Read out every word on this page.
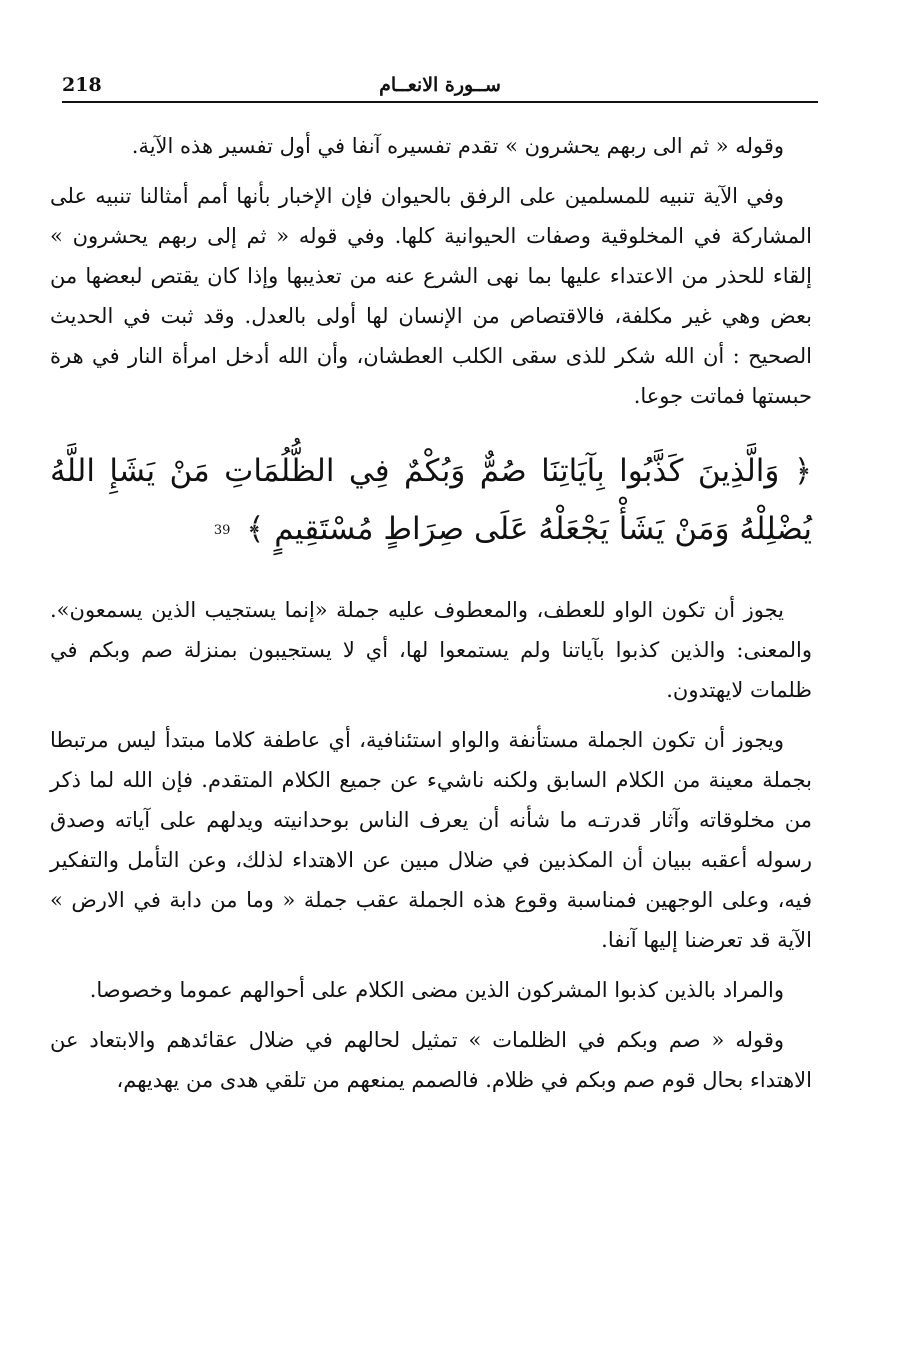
218	ســورة الانعــام

وقوله « ثم الى ربهم يحشرون » تقدم تفسيره آنفا في أول تفسير هذه الآية.

وفي الآية تنبيه للمسلمين على الرفق بالحيوان فإن الإخبار بأنها أمم أمثالنا تنبيه على المشاركة في المخلوقية وصفات الحيوانية كلها. وفي قوله « ثم إلى ربهم يحشرون » إلقاء للحذر من الاعتداء عليها بما نهى الشرع عنه من تعذيبها وإذا كان يقتص لبعضها من بعض وهي غير مكلفة، فالاقتصاص من الإنسان لها أولى بالعدل. وقد ثبت في الحديث الصحيح : أن الله شكر للذى سقى الكلب العطشان، وأن الله أدخل امرأة النار في هرة حبستها فماتت جوعا.

﴿ وَالَّذِينَ كَذَّبُوا بِآيَاتِنَا صُمٌّ وَبُكْمٌ فِي الظُّلُمَاتِ مَنْ يَشَإِ اللَّهُ يُضْلِلْهُ وَمَنْ يَشَأْ يَجْعَلْهُ عَلَى صِرَاطٍ مُسْتَقِيمٍ ﴾ 39

يجوز أن تكون الواو للعطف، والمعطوف عليه جملة «إنما يستجيب الذين يسمعون». والمعنى: والذين كذبوا بآياتنا ولم يستمعوا لها، أي لا يستجيبون بمنزلة صم وبكم في ظلمات لايهتدون.

ويجوز أن تكون الجملة مستأنفة والواو استئنافية، أي عاطفة كلاما مبتدأ ليس مرتبطا بجملة معينة من الكلام السابق ولكنه ناشيء عن جميع الكلام المتقدم. فإن الله لما ذكر من مخلوقاته وآثار قدرتـه ما شأنه أن يعرف الناس بوحدانيته ويدلهم على آياته وصدق رسوله أعقبه ببيان أن المكذبين في ضلال مبين عن الاهتداء لذلك، وعن التأمل والتفكير فيه، وعلى الوجهين فمناسبة وقوع هذه الجملة عقب جملة « وما من دابة في الارض » الآية قد تعرضنا إليها آنفا.

والمراد بالذين كذبوا المشركون الذين مضى الكلام على أحوالهم عموما وخصوصا.

وقوله « صم وبكم في الظلمات » تمثيل لحالهم في ضلال عقائدهم والابتعاد عن الاهتداء بحال قوم صم وبكم في ظلام. فالصمم يمنعهم من تلقي هدى من يهديهم،
